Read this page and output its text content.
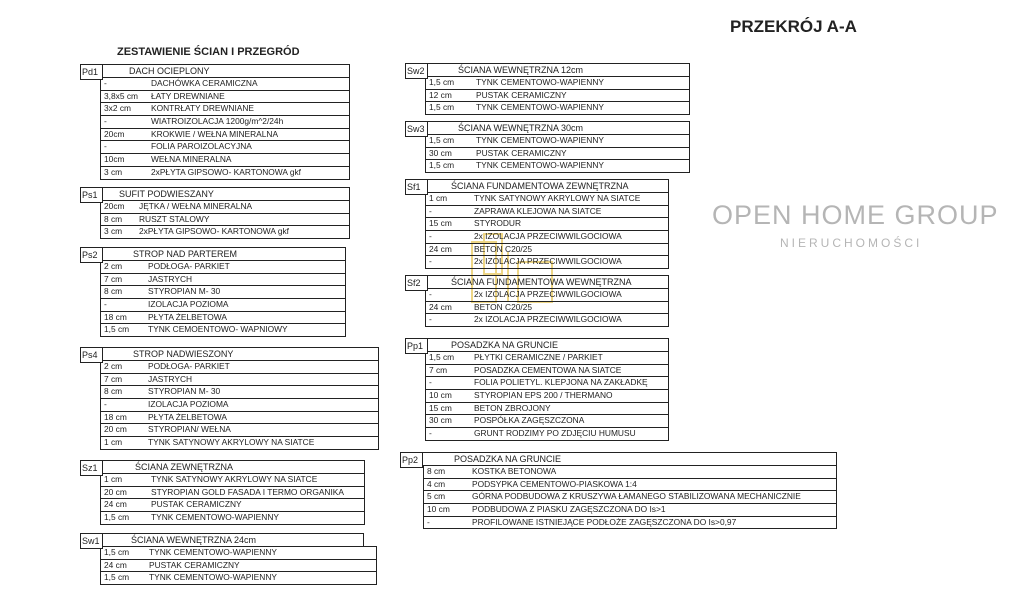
PRZEKRÓJ A-A
ZESTAWIENIE ŚCIAN I PRZEGRÓD
OPEN HOME GROUP
NIERUCHOMOŚCI
Pd1	DACH OCIEPLONY
-	DACHÓWKA CERAMICZNA
3,8x5 cm ŁATY DREWNIANE
3x2 cm KONTRŁATY DREWNIANE
-	WIATROIZOLACJA 1200g/m^2/24h
20cm	KROKWIE / WEŁNA MINERALNA
-	FOLIA PAROIZOLACYJNA
10cm	WEŁNA MINERALNA
3 cm	2xPŁYTA GIPSOWO- KARTONOWA gkf
Ps1	SUFIT PODWIESZANY
20cm JĘTKA / WEŁNA MINERALNA
8 cm RUSZT STALOWY
3 cm 2xPŁYTA GIPSOWO- KARTONOWA gkf
Ps2	STROP NAD PARTEREM
2 cm	PODŁOGA- PARKIET
7 cm	JASTRYCH
8 cm	STYROPIAN M- 30
-	IZOLACJA POZIOMA
18 cm	PŁYTA ŻELBETOWA
1,5 cm TYNK CEMOENTOWO- WAPNIOWY
Ps4	STROP NADWIESZONY
2 cm	PODŁOGA- PARKIET
7 cm	JASTRYCH
8 cm	STYROPIAN M- 30
-	IZOLACJA POZIOMA
18 cm	PŁYTA ŻELBETOWA
20 cm	STYROPIAN/ WEŁNA
1 cm	TYNK SATYNOWY AKRYLOWY NA SIATCE
Sz1	ŚCIANA ZEWNĘTRZNA
1 cm	TYNK SATYNOWY AKRYLOWY NA SIATCE
20 cm	STYROPIAN GOLD FASADA I TERMO ORGANIKA
24 cm	PUSTAK CERAMICZNY
1,5 cm	TYNK CEMENTOWO-WAPIENNY
Sw1	ŚCIANA WEWNĘTRZNA 24cm
1,5 cm TYNK CEMENTOWO-WAPIENNY
24 cm	PUSTAK CERAMICZNY
1,5 cm TYNK CEMENTOWO-WAPIENNY
Sw2	ŚCIANA WEWNĘTRZNA 12cm
1,5 cm	TYNK CEMENTOWO-WAPIENNY
12 cm	PUSTAK CERAMICZNY
1,5 cm	TYNK CEMENTOWO-WAPIENNY
Sw3	ŚCIANA WEWNĘTRZNA 30cm
1,5 cm	TYNK CEMENTOWO-WAPIENNY
30 cm	PUSTAK CERAMICZNY
1,5 cm	TYNK CEMENTOWO-WAPIENNY
Sf1	ŚCIANA FUNDAMENTOWA ZEWNĘTRZNA
1 cm	TYNK SATYNOWY AKRYLOWY NA SIATCE
-	ZAPRAWA KLEJOWA NA SIATCE
15 cm	STYRODUR
-	2x IZOLACJA PRZECIWWILGOCIOWA
24 cm	BETON C20/25
-	2x IZOLACJA PRZECIWWILGOCIOWA
Sf2	ŚCIANA FUNDAMENTOWA WEWNĘTRZNA
-	2x IZOLACJA PRZECIWWILGOCIOWA
24 cm	BETON C20/25
-	2x IZOLACJA PRZECIWWILGOCIOWA
Pp1	POSADZKA NA GRUNCIE
1,5 cm PŁYTKI CERAMICZNE / PARKIET
7 cm	POSADZKA CEMENTOWA NA SIATCE
-	FOLIA POLIETYL. KLEPJONA NA ZAKŁADKĘ
10 cm	STYROPIAN EPS 200 / THERMANO
15 cm	BETON ZBROJONY
30 cm	POSPÓŁKA ZAGĘSZCZONA
-	GRUNT RODZIMY PO ZDJĘCIU HUMUSU
Pp2	POSADZKA NA GRUNCIE
8 cm	KOSTKA BETONOWA
4 cm	PODSYPKA CEMENTOWO-PIASKOWA 1:4
5 cm	GÓRNA PODBUDOWA Z KRUSZYWA ŁAMANEGO STABILIZOWANA MECHANICZNIE
10 cm	PODBUDOWA Z PIASKU ZAGĘSZCZONA DO Is>1
-	PROFILOWANE ISTNIEJĄCE PODŁOŻE ZAGĘSZCZONA DO Is>0,97
